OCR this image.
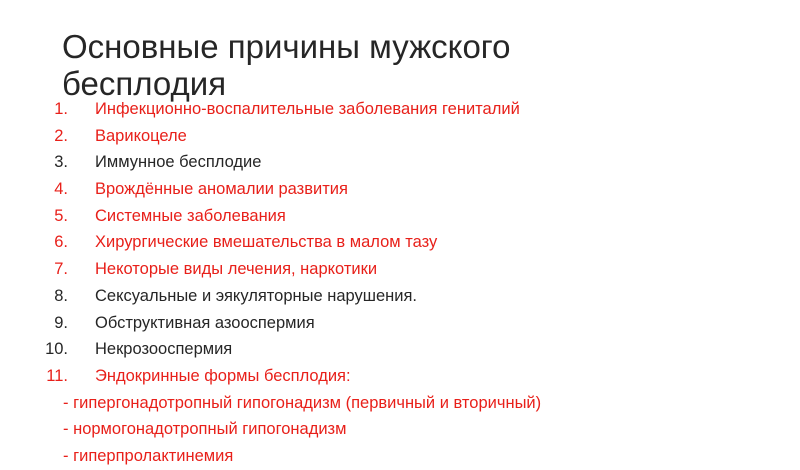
Основные причины мужского бесплодия
1. Инфекционно-воспалительные заболевания гениталий
2. Варикоцеле
3. Иммунное бесплодие
4. Врождённые аномалии развития
5. Системные заболевания
6. Хирургические вмешательства в малом тазу
7. Некоторые виды лечения, наркотики
8. Сексуальные и эякуляторные нарушения.
9. Обструктивная азооспермия
10. Некрозооспермия
11. Эндокринные формы бесплодия:
- гипергонадотропный гипогонадизм (первичный и вторичный)
- нормогонадотропный гипогонадизм
- гиперпролактинемия
